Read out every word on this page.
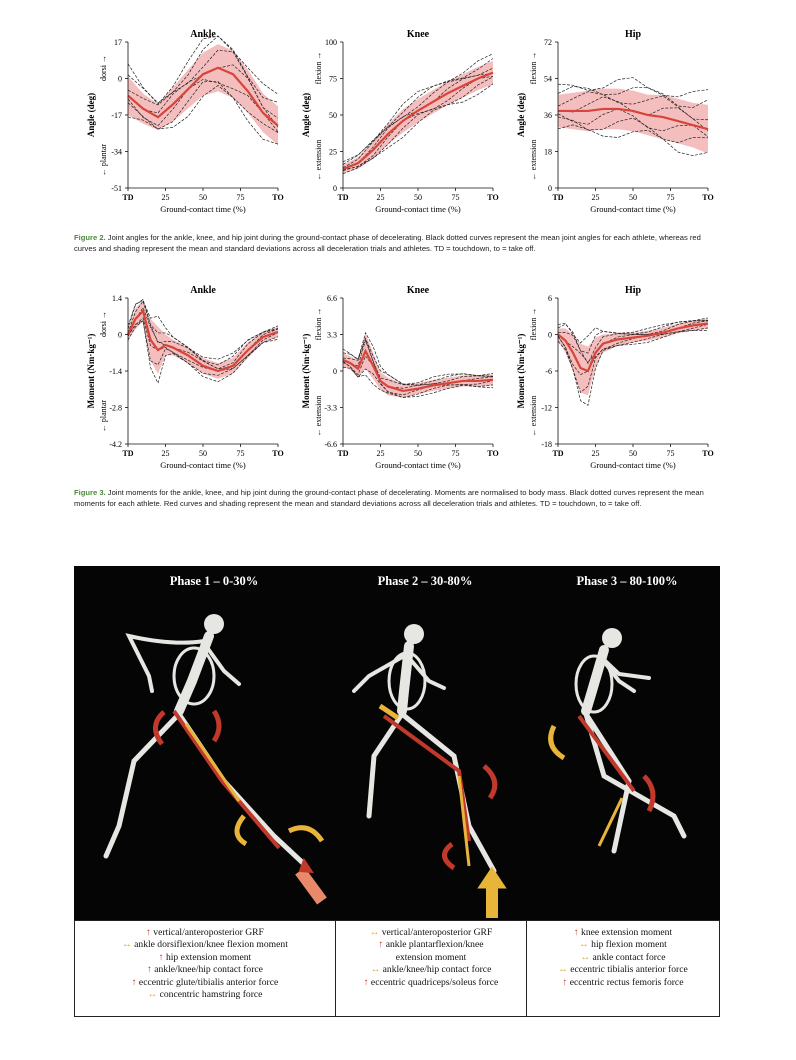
Ankle
17
0
-17
-34
-51
TD	25	50	75	TO
Ground-contact time (%)
Angle (deg)
dorsi →
← plantar
Knee
100
75
50
25
0
TD	25	50	75	TO
Ground-contact time (%)
Angle (deg)
flexion →
← extension
Hip
72
54
36
18
0
TD	25	50	75	TO
Ground-contact time (%)
Angle (deg)
flexion →
← extension
Figure 2. Joint angles for the ankle, knee, and hip joint during the ground-contact phase of decelerating. Black dotted curves represent the mean joint angles for each athlete, whereas red curves and shading represent the mean and standard deviations across all deceleration trials and athletes. TD = touchdown, to = take off.
Ankle
1.4
0
-1.4
-2.8
-4.2
TD	25	50	75	TO
Ground-contact time (%)
Moment (Nm·kg⁻¹)
dorsi →
← plantar
Knee
6.6
3.3
0
-3.3
-6.6
TD	25	50	75	TO
Ground-contact time (%)
Moment (Nm·kg⁻¹)
flexion →
← extension
Hip
6
0
-6
-12
-18
TD	25	50	75	TO
Ground-contact time (%)
Moment (Nm·kg⁻¹)
flexion →
← extension
Figure 3. Joint moments for the ankle, knee, and hip joint during the ground-contact phase of decelerating. Moments are normalised to body mass. Black dotted curves represent the mean moments for each athlete. Red curves and shading represent the mean and standard deviations across all deceleration trials and athletes. TD = touchdown, to = take off.
Phase 1 – 0-30%	Phase 2 – 30-80%	Phase 3 – 80-100%
↑ vertical/anteroposterior GRF
↔ ankle dorsiflexion/knee flexion moment
↑ hip extension moment
↑ ankle/knee/hip contact force
↑ eccentric glute/tibialis anterior force
↔ concentric hamstring force
↔ vertical/anteroposterior GRF
↑ ankle plantarflexion/knee
extension moment
↔ ankle/knee/hip contact force
↑ eccentric quadriceps/soleus force
↑ knee extension moment
↔ hip flexion moment
↔ ankle contact force
↔ eccentric tibialis anterior force
↑ eccentric rectus femoris force
